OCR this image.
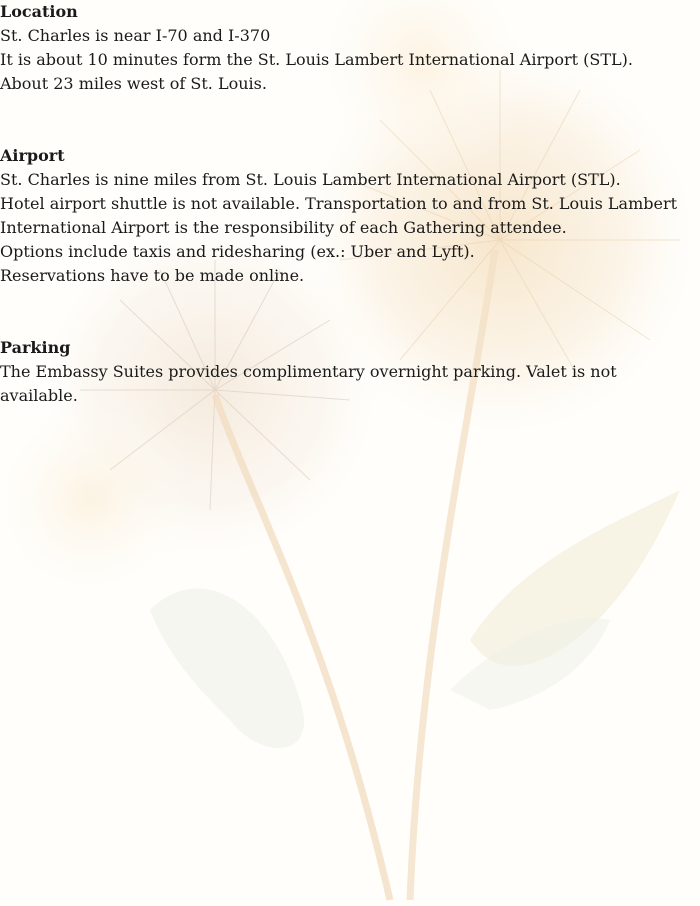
Location

St. Charles is near I-70 and I-370

It is about 10 minutes form the St. Louis Lambert International Airport (STL).

About 23 miles west of St. Louis.

Airport

St. Charles is nine miles from St. Louis Lambert International Airport (STL).

Hotel airport shuttle is not available. Transportation to and from St. Louis Lambert International Airport is the responsibility of each Gathering attendee.

Options include taxis and ridesharing (ex.: Uber and Lyft).

Reservations have to be made online.

Parking

The Embassy Suites provides complimentary overnight parking. Valet is not available.
